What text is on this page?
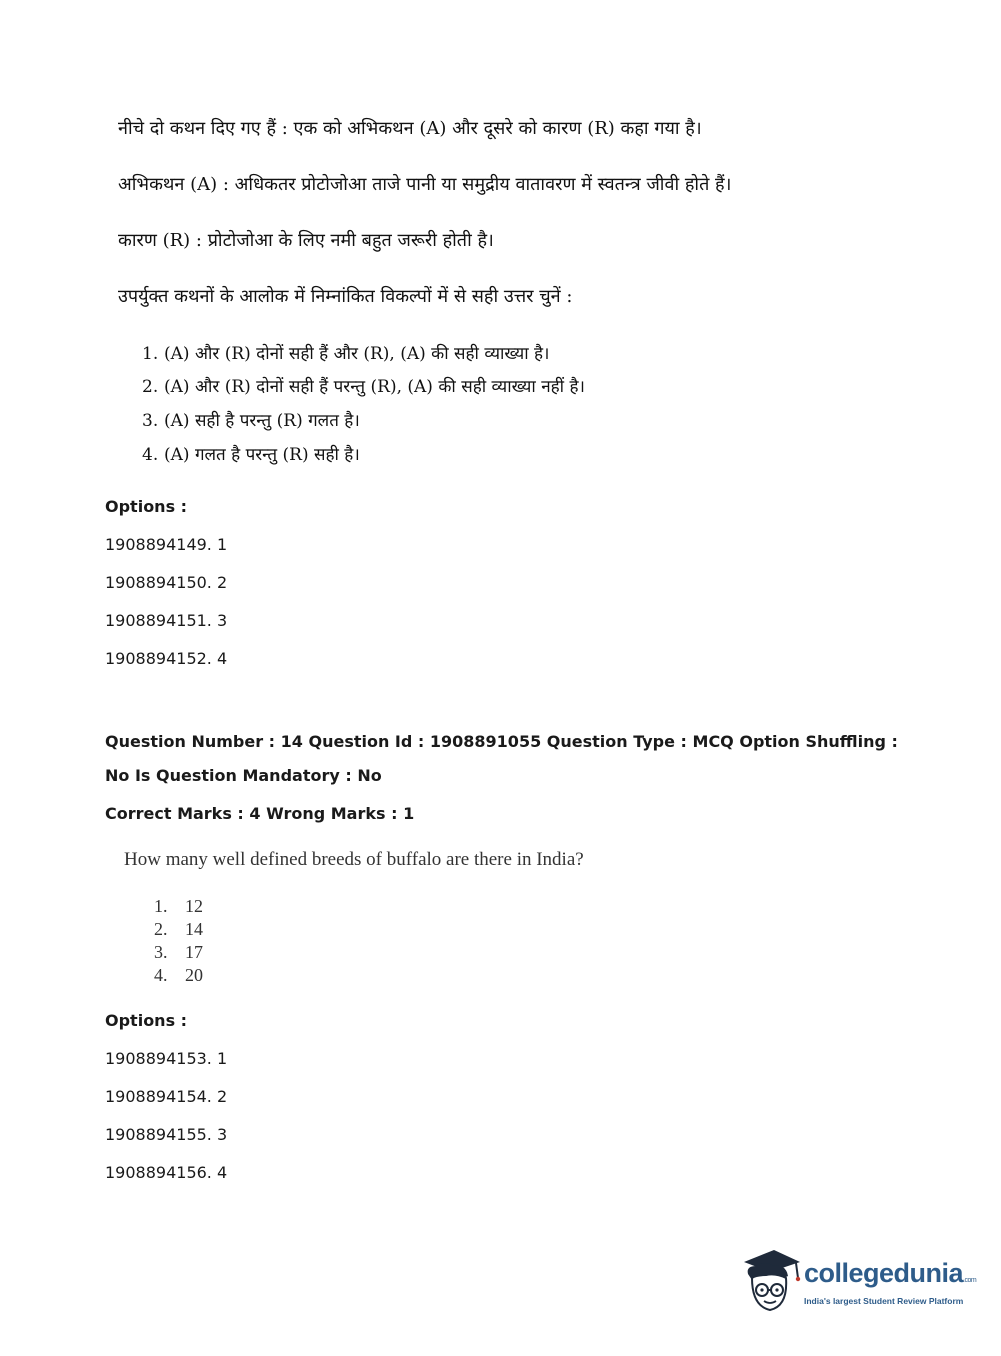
नीचे दो कथन दिए गए हैं : एक को अभिकथन (A) और दूसरे को कारण (R) कहा गया है।
अभिकथन (A) : अधिकतर प्रोटोजोआ ताजे पानी या समुद्रीय वातावरण में स्वतन्त्र जीवी होते हैं।
कारण (R) : प्रोटोजोआ के लिए नमी बहुत जरूरी होती है।
उपर्युक्त कथनों के आलोक में निम्नांकित विकल्पों में से सही उत्तर चुनें :
1. (A) और (R) दोनों सही हैं और (R), (A) की सही व्याख्या है।
2. (A) और (R) दोनों सही हैं परन्तु (R), (A) की सही व्याख्या नहीं है।
3. (A) सही है परन्तु (R) गलत है।
4. (A) गलत है परन्तु (R) सही है।
Options :
1908894149. 1
1908894150. 2
1908894151. 3
1908894152. 4
Question Number : 14 Question Id : 1908891055 Question Type : MCQ Option Shuffling : No Is Question Mandatory : No
Correct Marks : 4 Wrong Marks : 1
How many well defined breeds of buffalo are there in India?
1. 12
2. 14
3. 17
4. 20
Options :
1908894153. 1
1908894154. 2
1908894155. 3
1908894156. 4
collegedunia.com
India's largest Student Review Platform
